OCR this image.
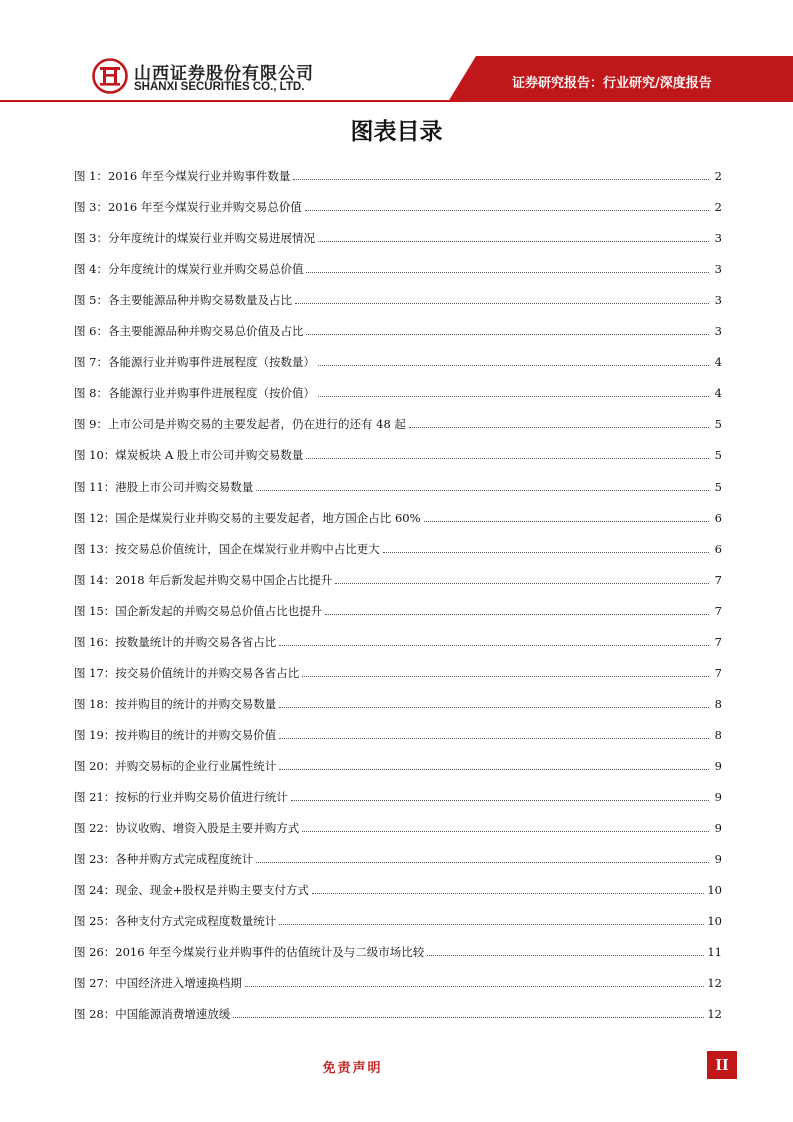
山西证券股份有限公司
SHANXI SECURITIES CO., LTD.	证券研究报告：行业研究/深度报告
图表目录
图 1：2016 年至今煤炭行业并购事件数量	2
图 3：2016 年至今煤炭行业并购交易总价值	2
图 3：分年度统计的煤炭行业并购交易进展情况	3
图 4：分年度统计的煤炭行业并购交易总价值	3
图 5：各主要能源品种并购交易数量及占比	3
图 6：各主要能源品种并购交易总价值及占比	3
图 7：各能源行业并购事件进展程度（按数量）	4
图 8：各能源行业并购事件进展程度（按价值）	4
图 9：上市公司是并购交易的主要发起者，仍在进行的还有 48 起	5
图 10：煤炭板块 A 股上市公司并购交易数量	5
图 11：港股上市公司并购交易数量	5
图 12：国企是煤炭行业并购交易的主要发起者，地方国企占比 60%	6
图 13：按交易总价值统计，国企在煤炭行业并购中占比更大	6
图 14：2018 年后新发起并购交易中国企占比提升	7
图 15：国企新发起的并购交易总价值占比也提升	7
图 16：按数量统计的并购交易各省占比	7
图 17：按交易价值统计的并购交易各省占比	7
图 18：按并购目的统计的并购交易数量	8
图 19：按并购目的统计的并购交易价值	8
图 20：并购交易标的企业行业属性统计	9
图 21：按标的行业并购交易价值进行统计	9
图 22：协议收购、增资入股是主要并购方式	9
图 23：各种并购方式完成程度统计	9
图 24：现金、现金+股权是并购主要支付方式	10
图 25：各种支付方式完成程度数量统计	10
图 26：2016 年至今煤炭行业并购事件的估值统计及与二级市场比较	11
图 27：中国经济进入增速换档期	12
图 28：中国能源消费增速放缓	12
免责声明	II
